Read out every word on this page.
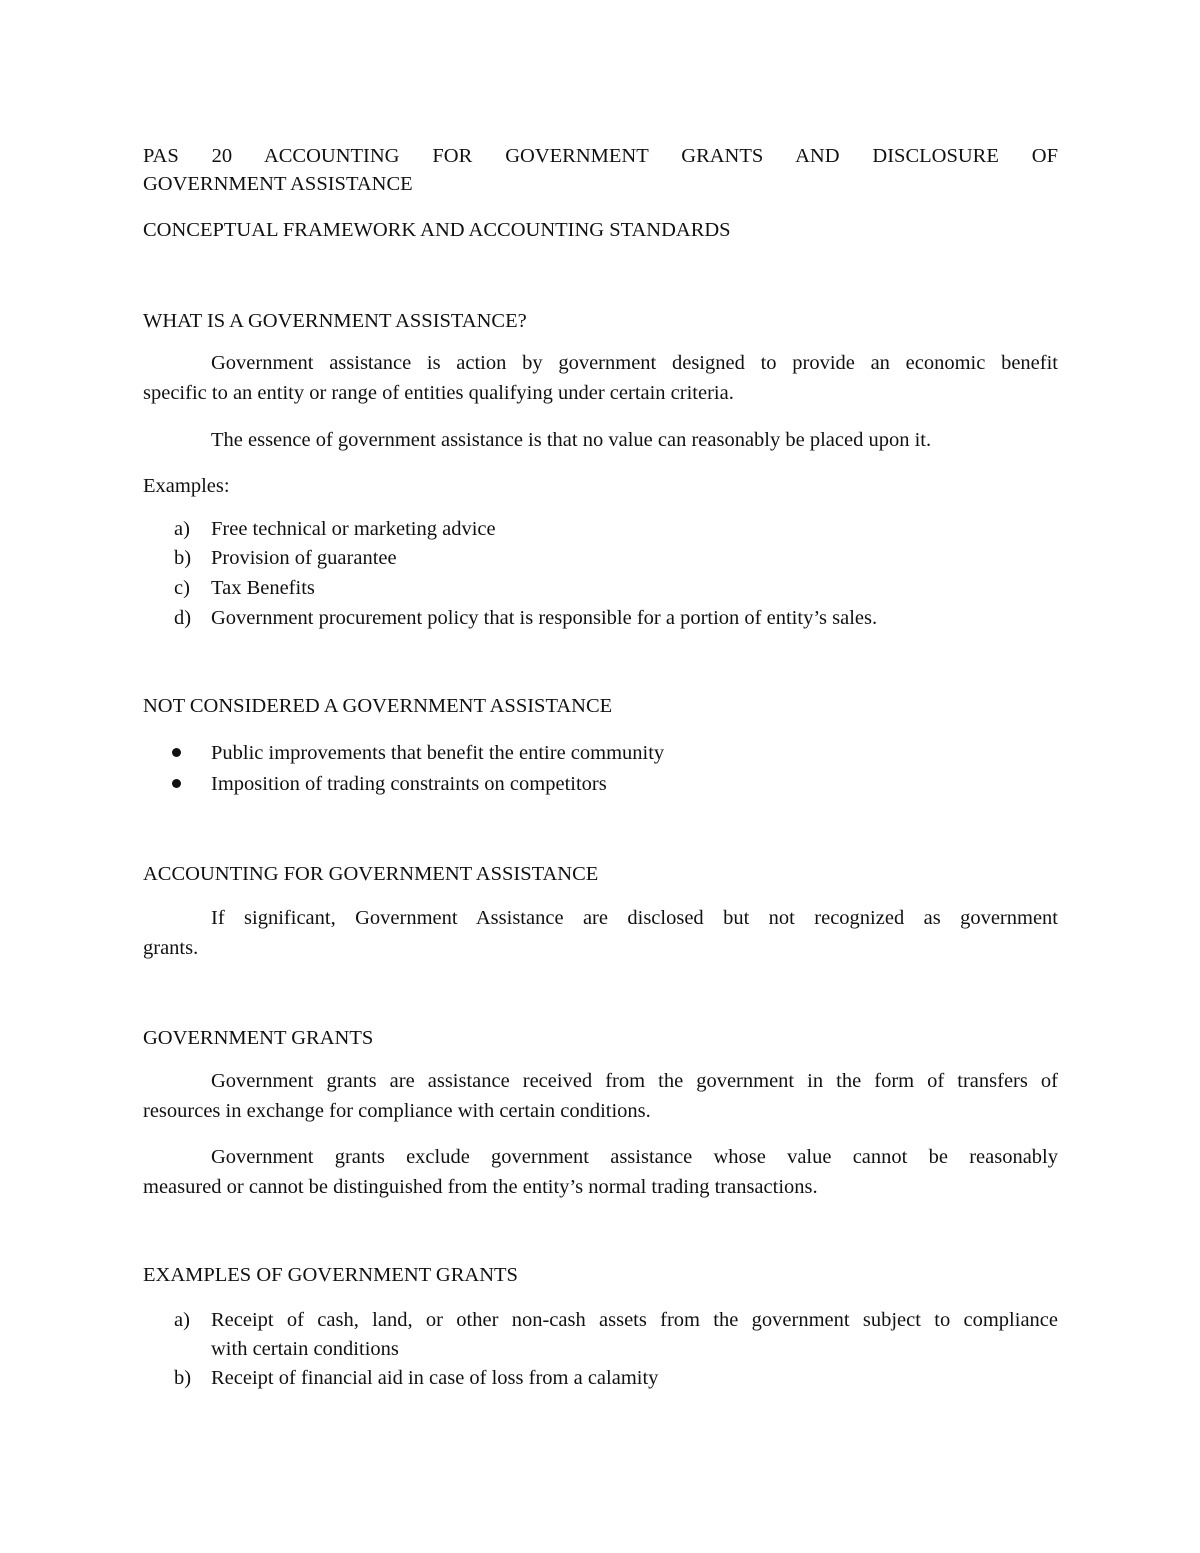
PAS 20 ACCOUNTING FOR GOVERNMENT GRANTS AND DISCLOSURE OF
GOVERNMENT ASSISTANCE
CONCEPTUAL FRAMEWORK AND ACCOUNTING STANDARDS
WHAT IS A GOVERNMENT ASSISTANCE?
Government assistance is action by government designed to provide an economic benefit
specific to an entity or range of entities qualifying under certain criteria.
The essence of government assistance is that no value can reasonably be placed upon it.
Examples:
a) Free technical or marketing advice
b) Provision of guarantee
c) Tax Benefits
d) Government procurement policy that is responsible for a portion of entity’s sales.
NOT CONSIDERED A GOVERNMENT ASSISTANCE
Public improvements that benefit the entire community
Imposition of trading constraints on competitors
ACCOUNTING FOR GOVERNMENT ASSISTANCE
If significant, Government Assistance are disclosed but not recognized as government
grants.
GOVERNMENT GRANTS
Government grants are assistance received from the government in the form of transfers of
resources in exchange for compliance with certain conditions.
Government grants exclude government assistance whose value cannot be reasonably
measured or cannot be distinguished from the entity’s normal trading transactions.
EXAMPLES OF GOVERNMENT GRANTS
a) Receipt of cash, land, or other non-cash assets from the government subject to compliance
with certain conditions
b) Receipt of financial aid in case of loss from a calamity
